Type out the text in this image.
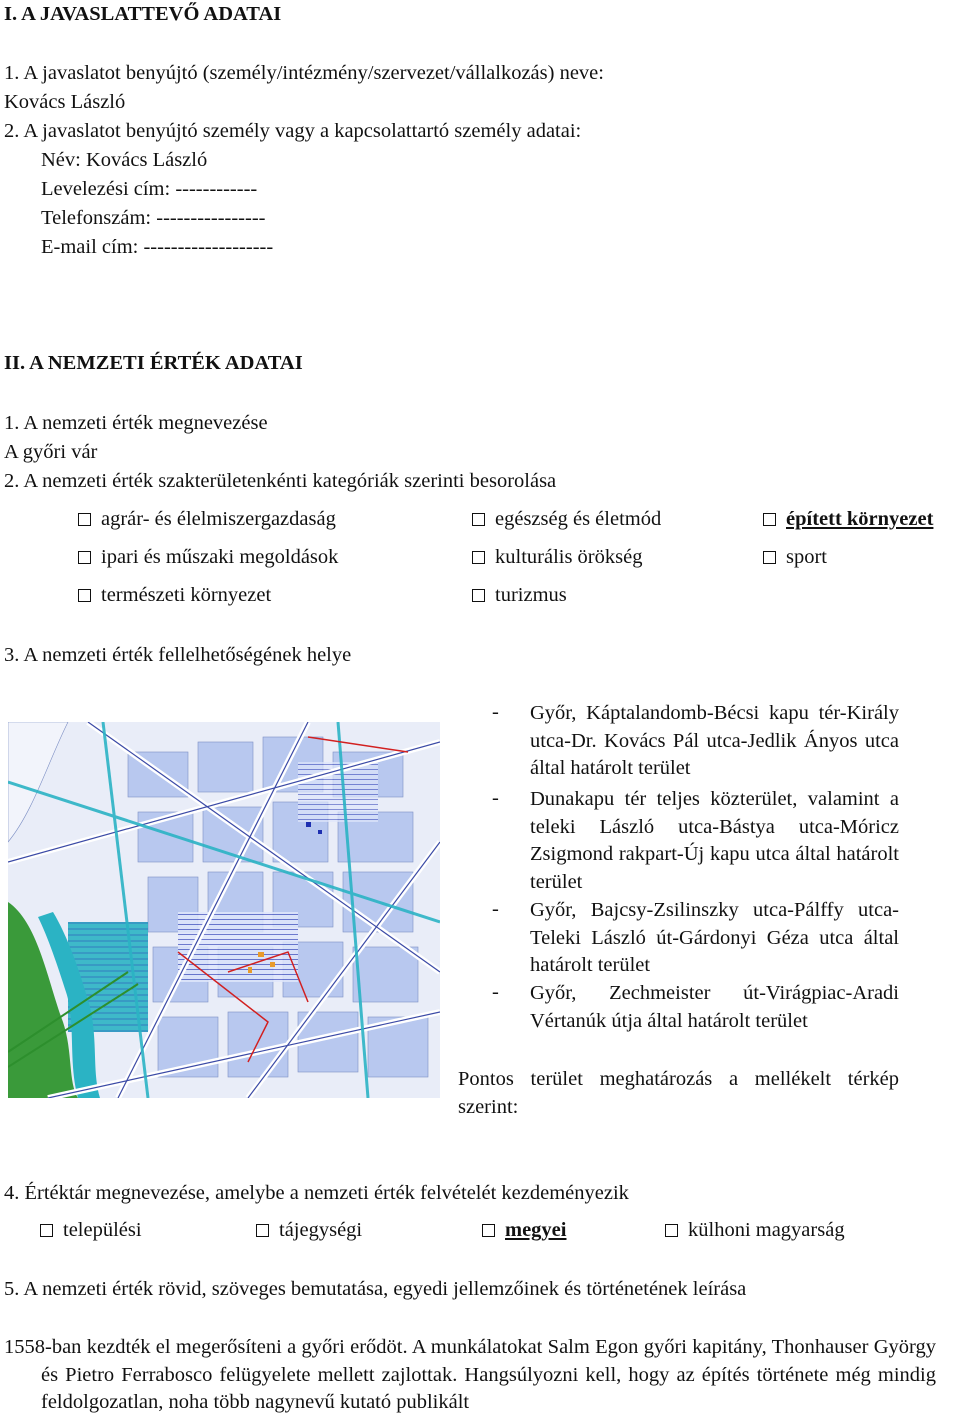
I. A JAVASLATTEVŐ ADATAI
1. A javaslatot benyújtó (személy/intézmény/szervezet/vállalkozás) neve:
Kovács László
2. A javaslatot benyújtó személy vagy a kapcsolattartó személy adatai:
Név: Kovács László
Levelezési cím: ------------
Telefonszám: ----------------
E-mail cím: -------------------
II. A NEMZETI ÉRTÉK ADATAI
1. A nemzeti érték megnevezése
A győri vár
2. A nemzeti érték szakterületenkénti kategóriák szerinti besorolása
agrár- és élelmiszergazdaság	egészség és életmód	épített környezet
ipari és műszaki megoldások	kulturális örökség	sport
természeti környezet	turizmus
3. A nemzeti érték fellelhetőségének helye
- Győr, Káptalandomb-Bécsi kapu tér-Király utca-Dr. Kovács Pál utca-Jedlik Ányos utca által határolt terület
- Dunakapu tér teljes közterület, valamint a teleki László utca-Bástya utca-Móricz Zsigmond rakpart-Új kapu utca által határolt terület
- Győr, Bajcsy-Zsilinszky utca-Pálffy utca-Teleki László út-Gárdonyi Géza utca által határolt terület
- Győr, Zechmeister út-Virágpiac-Aradi Vértanúk útja által határolt terület
Pontos terület meghatározás a mellékelt térkép szerint:
4. Értéktár megnevezése, amelybe a nemzeti érték felvételét kezdeményezik
települési	tájegységi	megyei	külhoni magyarság
5. A nemzeti érték rövid, szöveges bemutatása, egyedi jellemzőinek és történetének leírása
1558-ban kezdték el megerősíteni a győri erődöt. A munkálatokat Salm Egon győri kapitány, Thonhauser György és Pietro Ferrabosco felügyelete mellett zajlottak. Hangsúlyozni kell, hogy az építés története még mindig feldolgozatlan, noha több nagynevű kutató publikált
